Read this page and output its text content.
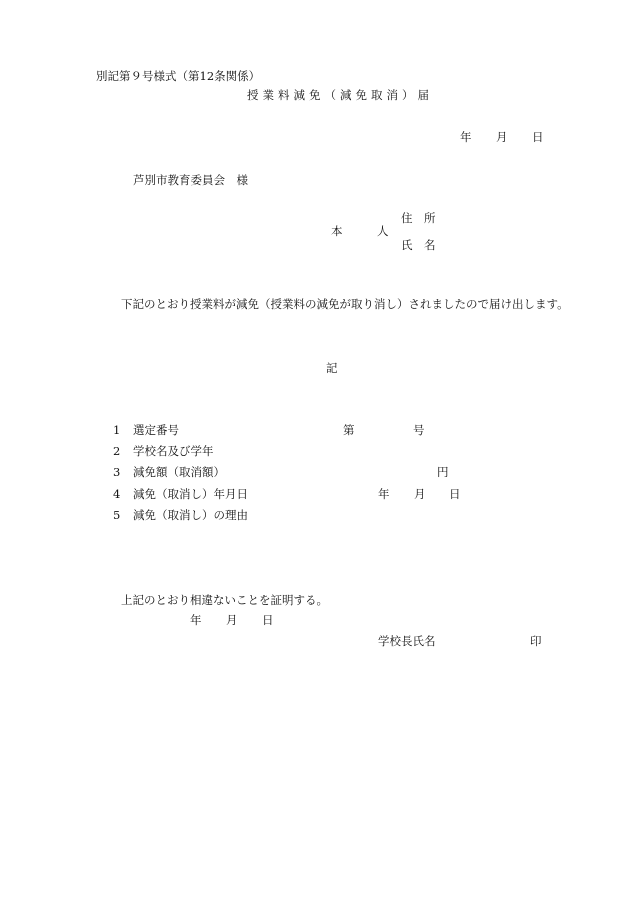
別記第９号様式（第12条関係）
授業料減免（減免取消）届
年 月 日
芦別市教育委員会　様
住　所
本　　　人
氏　名
下記のとおり授業料が減免（授業料の減免が取り消し）されましたので届け出します。
記
1 選定番号	第	号
2 学校名及び学年
3 減免額（取消額）	円
4 減免（取消し）年月日	年 月 日
5 減免（取消し）の理由
上記のとおり相違ないことを証明する。
年 月 日
学校長氏名	印
